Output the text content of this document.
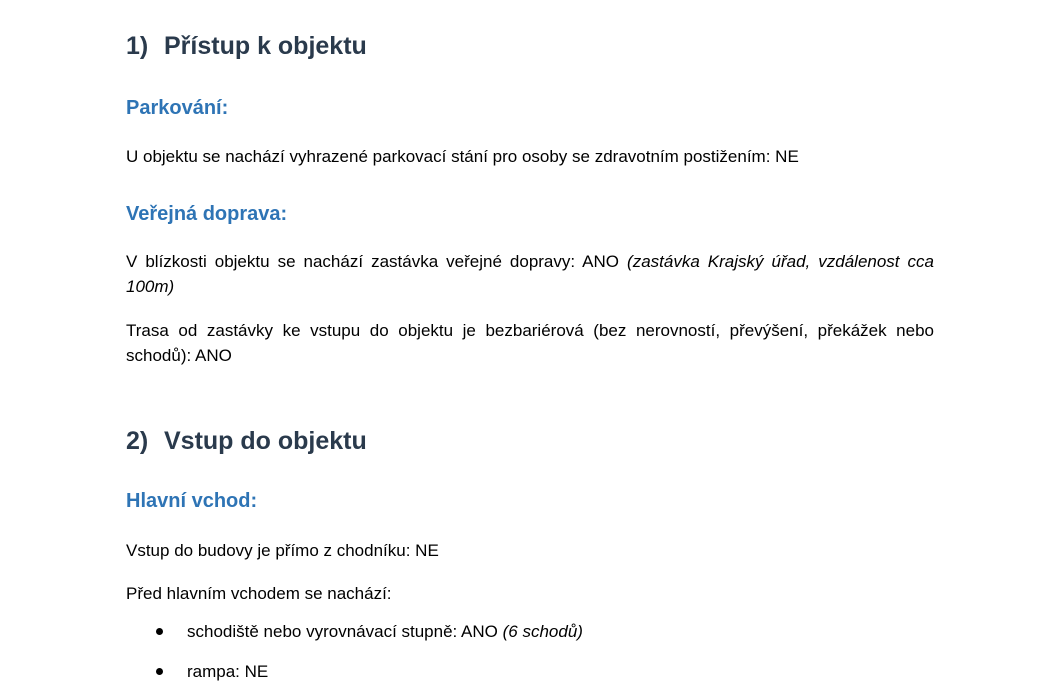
1) Přístup k objektu
Parkování:

U objektu se nachází vyhrazené parkovací stání pro osoby se zdravotním postižením: NE

Veřejná doprava:

V blízkosti objektu se nachází zastávka veřejné dopravy: ANO (zastávka Krajský úřad, vzdálenost cca 100m)

Trasa od zastávky ke vstupu do objektu je bezbariérová (bez nerovností, převýšení, překážek nebo schodů): ANO

2) Vstup do objektu
Hlavní vchod:

Vstup do budovy je přímo z chodníku: NE

Před hlavním vchodem se nachází:

schodiště nebo vyrovnávací stupně: ANO (6 schodů)
rampa: NE
